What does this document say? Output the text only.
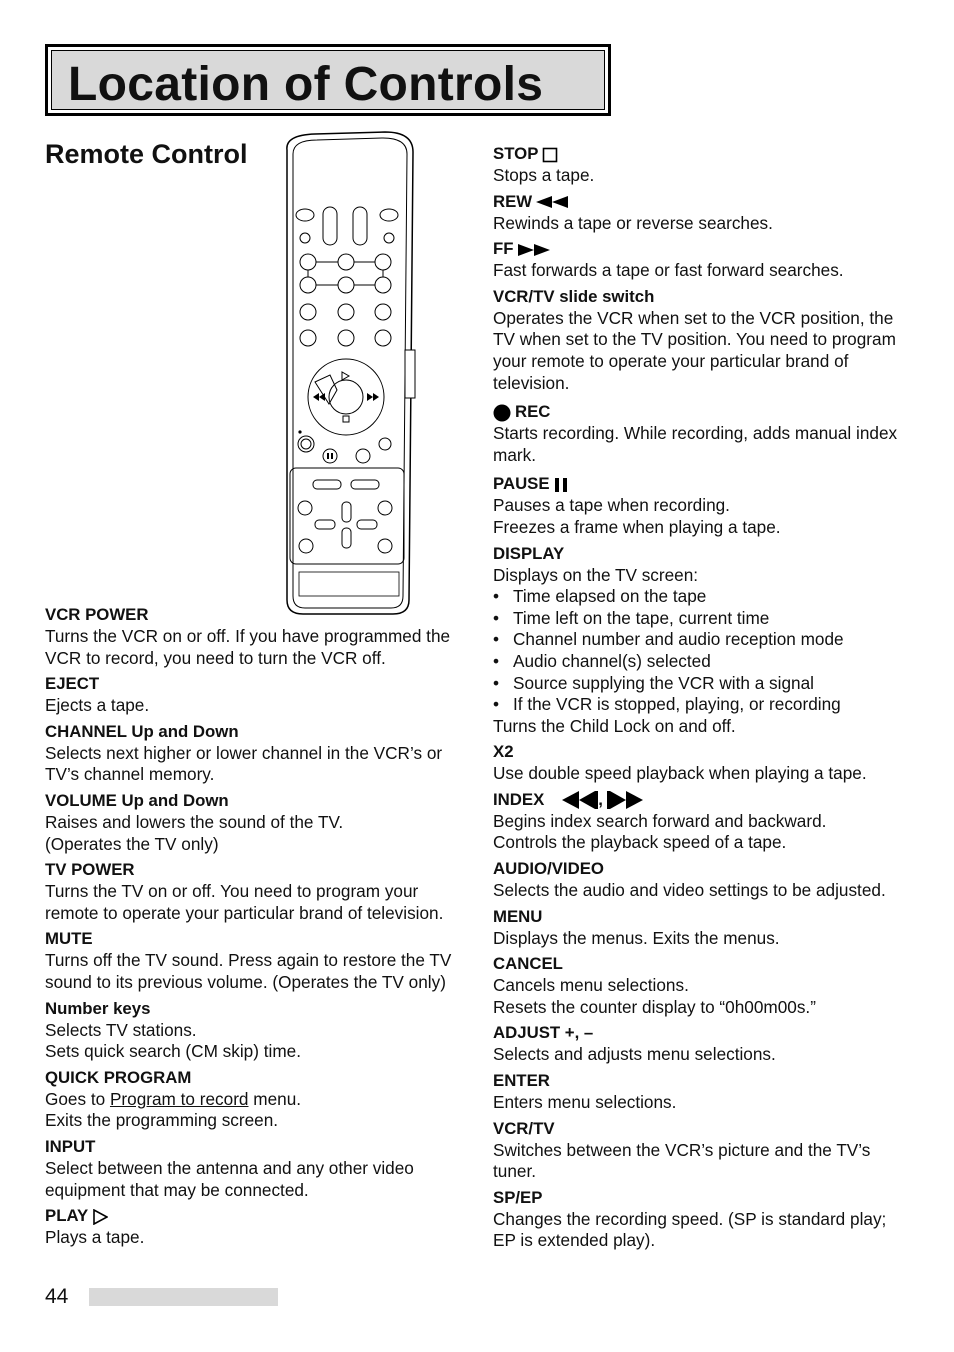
Location of Controls
Remote Control
VCR POWER
Turns the VCR on or off. If you have programmed the VCR to record, you need to turn the VCR off.
EJECT
Ejects a tape.
CHANNEL Up and Down
Selects next higher or lower channel in the VCR’s or TV’s channel memory.
VOLUME Up and Down
Raises and lowers the sound of the TV.
(Operates the TV only)
TV POWER
Turns the TV on or off. You need to program your remote to operate your particular brand of television.
MUTE
Turns off the TV sound. Press again to restore the TV sound to its previous volume. (Operates the TV only)
Number keys
Selects TV stations.
Sets quick search (CM skip) time.
QUICK PROGRAM
Goes to Program to record menu.
Exits the programming screen.
INPUT
Select between the antenna and any other video equipment that may be connected.
PLAY
Plays a tape.
STOP
Stops a tape.
REW
Rewinds a tape or reverse searches.
FF
Fast forwards a tape or fast forward searches.
VCR/TV slide switch
Operates the VCR when set to the VCR position, the TV when set to the TV position. You need to program your remote to operate your particular brand of television.
REC
Starts recording. While recording, adds manual index mark.
PAUSE
Pauses a tape when recording.
Freezes a frame when playing a tape.
DISPLAY
Displays on the TV screen:
• Time elapsed on the tape
• Time left on the tape, current time
• Channel number and audio reception mode
• Audio channel(s) selected
• Source supplying the VCR with a signal
• If the VCR is stopped, playing, or recording
Turns the Child Lock on and off.
X2
Use double speed playback when playing a tape.
INDEX	,
Begins index search forward and backward.
Controls the playback speed of a tape.
AUDIO/VIDEO
Selects the audio and video settings to be adjusted.
MENU
Displays the menus. Exits the menus.
CANCEL
Cancels menu selections.
Resets the counter display to “0h00m00s.”
ADJUST +, –
Selects and adjusts menu selections.
ENTER
Enters menu selections.
VCR/TV
Switches between the VCR’s picture and the TV’s tuner.
SP/EP
Changes the recording speed. (SP is standard play; EP is extended play).
44
